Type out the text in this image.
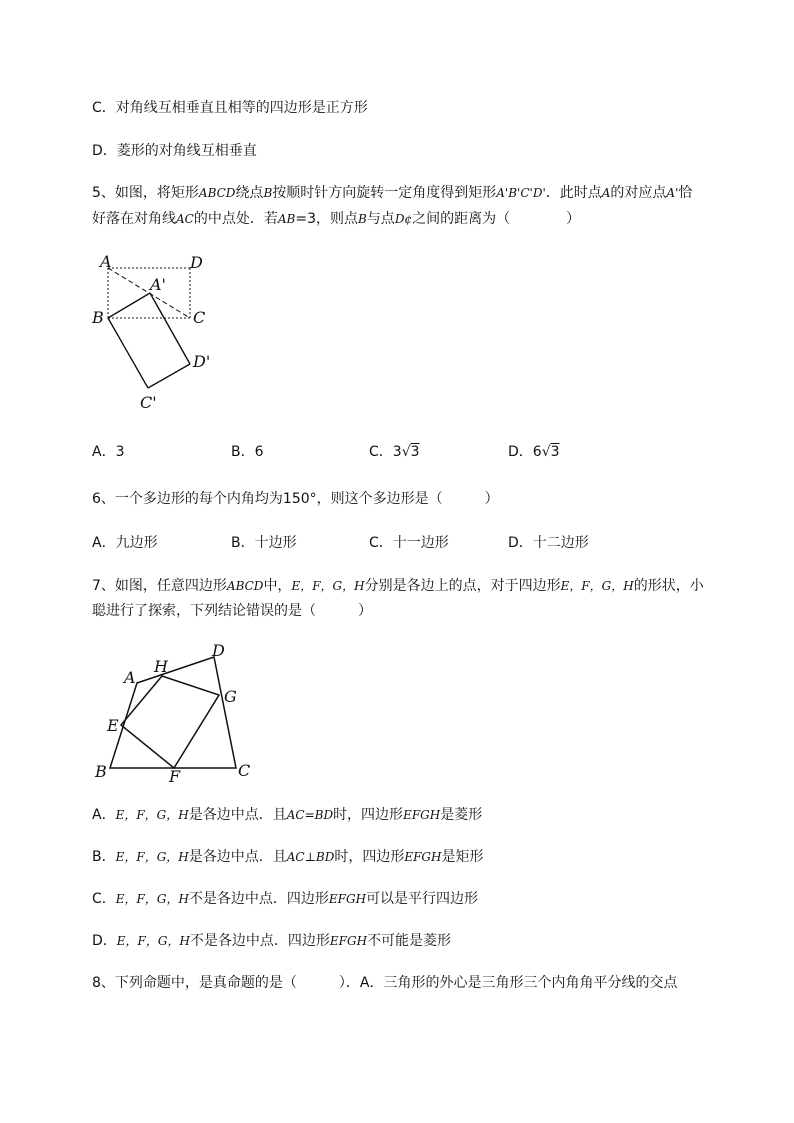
C．对角线互相垂直且相等的四边形是正方形
D．菱形的对角线互相垂直
5、如图，将矩形ABCD绕点B按顺时针方向旋转一定角度得到矩形A'B'C'D'．此时点A的对应点A'恰
好落在对角线AC的中点处．若AB=3，则点B与点D¢之间的距离为（　　　　）
A	D
A'
B	C
D'
C'
A．3	B．6	C．3√3	D．6√3
6、一个多边形的每个内角均为150°，则这个多边形是（　　　）
A．九边形	B．十边形	C．十一边形	D．十二边形
7、如图，任意四边形ABCD中，E，F，G，H分别是各边上的点，对于四边形E，F，G，H的形状，小
聪进行了探索，下列结论错误的是（　　　）
A
H
D
G
E
B	F	C
A．E，F，G，H是各边中点．且AC=BD时，四边形EFGH是菱形
B．E，F，G，H是各边中点．且AC⊥BD时，四边形EFGH是矩形
C．E，F，G，H不是各边中点．四边形EFGH可以是平行四边形
D．E，F，G，H不是各边中点．四边形EFGH不可能是菱形
8、下列命题中，是真命题的是（　　　）．A．三角形的外心是三角形三个内角角平分线的交点
